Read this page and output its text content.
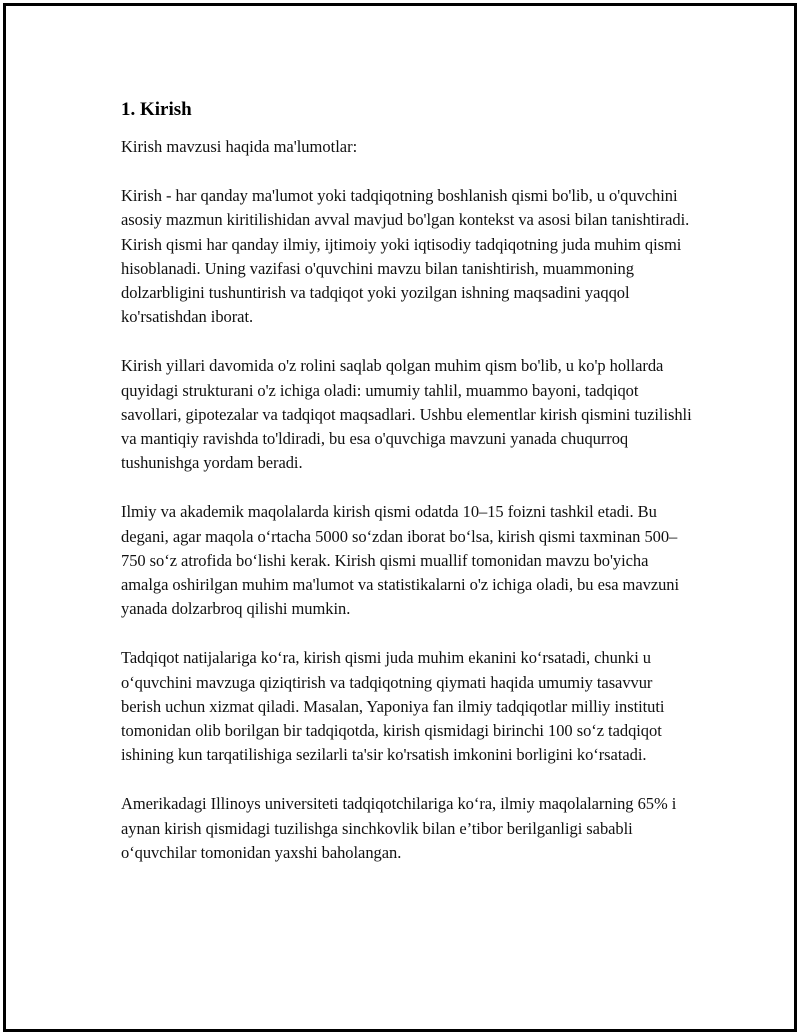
1. Kirish

Kirish mavzusi haqida ma'lumotlar:

Kirish - har qanday ma'lumot yoki tadqiqotning boshlanish qismi bo'lib, u o'quvchini asosiy mazmun kiritilishidan avval mavjud bo'lgan kontekst va asosi bilan tanishtiradi. Kirish qismi har qanday ilmiy, ijtimoiy yoki iqtisodiy tadqiqotning juda muhim qismi hisoblanadi. Uning vazifasi o'quvchini mavzu bilan tanishtirish, muammoning dolzarbligini tushuntirish va tadqiqot yoki yozilgan ishning maqsadini yaqqol ko'rsatishdan iborat.

Kirish yillari davomida o'z rolini saqlab qolgan muhim qism bo'lib, u ko'p hollarda quyidagi strukturani o'z ichiga oladi: umumiy tahlil, muammo bayoni, tadqiqot savollari, gipotezalar va tadqiqot maqsadlari. Ushbu elementlar kirish qismini tuzilishli va mantiqiy ravishda to'ldiradi, bu esa o'quvchiga mavzuni yanada chuqurroq tushunishga yordam beradi.

Ilmiy va akademik maqolalarda kirish qismi odatda 10–15 foizni tashkil etadi. Bu degani, agar maqola o‘rtacha 5000 so‘zdan iborat bo‘lsa, kirish qismi taxminan 500–750 so‘z atrofida bo‘lishi kerak. Kirish qismi muallif tomonidan mavzu bo'yicha amalga oshirilgan muhim ma'lumot va statistikalarni o'z ichiga oladi, bu esa mavzuni yanada dolzarbroq qilishi mumkin.

Tadqiqot natijalariga ko‘ra, kirish qismi juda muhim ekanini ko‘rsatadi, chunki u o‘quvchini mavzuga qiziqtirish va tadqiqotning qiymati haqida umumiy tasavvur berish uchun xizmat qiladi. Masalan, Yaponiya fan ilmiy tadqiqotlar milliy instituti tomonidan olib borilgan bir tadqiqotda, kirish qismidagi birinchi 100 so‘z tadqiqot ishining kun tarqatilishiga sezilarli ta'sir ko'rsatish imkonini borligini ko‘rsatadi.

Amerikadagi Illinoys universiteti tadqiqotchilariga ko‘ra, ilmiy maqolalarning 65% i aynan kirish qismidagi tuzilishga sinchkovlik bilan e’tibor berilganligi sababli o‘quvchilar tomonidan yaxshi baholangan.
